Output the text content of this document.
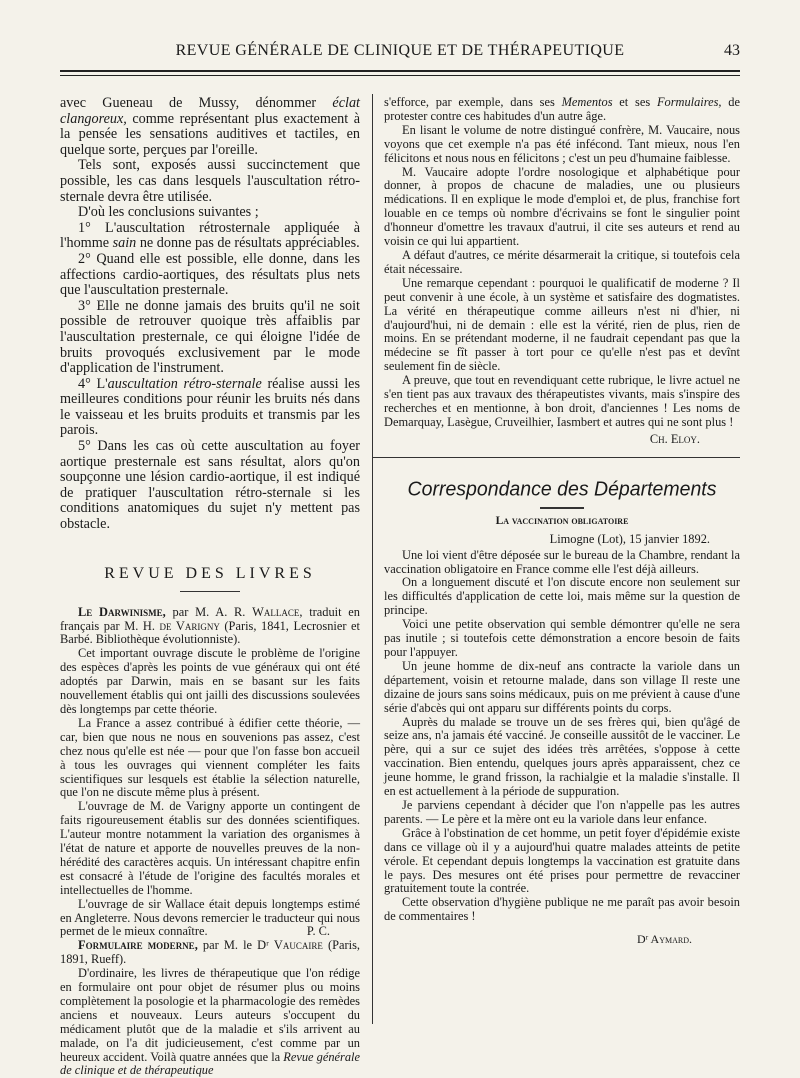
REVUE GÉNÉRALE DE CLINIQUE ET DE THÉRAPEUTIQUE	43

avec Gueneau de Mussy, dénommer éclat clangoreux, comme représentant plus exactement à la pensée les sensations auditives et tactiles, en quelque sorte, perçues par l'oreille.

Tels sont, exposés aussi succinctement que possible, les cas dans lesquels l'auscultation rétro-sternale devra être utilisée.

D'où les conclusions suivantes ;

1° L'auscultation rétrosternale appliquée à l'homme sain ne donne pas de résultats appréciables.

2° Quand elle est possible, elle donne, dans les affections cardio-aortiques, des résultats plus nets que l'auscultation presternale.

3° Elle ne donne jamais des bruits qu'il ne soit possible de retrouver quoique très affaiblis par l'auscultation presternale, ce qui éloigne l'idée de bruits provoqués exclusivement par le mode d'application de l'instrument.

4° L'auscultation rétro-sternale réalise aussi les meilleures conditions pour réunir les bruits nés dans le vaisseau et les bruits produits et transmis par les parois.

5° Dans les cas où cette auscultation au foyer aortique presternale est sans résultat, alors qu'on soupçonne une lésion cardio-aortique, il est indiqué de pratiquer l'auscultation rétro-sternale si les conditions anatomiques du sujet n'y mettent pas obstacle.

REVUE DES LIVRES

Le Darwinisme, par M. A. R. Wallace, traduit en français par M. H. de Varigny (Paris, 1841, Lecrosnier et Barbé. Bibliothèque évolutionniste).

Cet important ouvrage discute le problème de l'origine des espèces d'après les points de vue généraux qui ont été adoptés par Darwin, mais en se basant sur les faits nouvellement établis qui ont jailli des discussions soulevées dès longtemps par cette théorie.

La France a assez contribué à édifier cette théorie, — car, bien que nous ne nous en souvenions pas assez, c'est chez nous qu'elle est née — pour que l'on fasse bon accueil à tous les ouvrages qui viennent compléter les faits scientifiques sur lesquels est établie la sélection naturelle, que l'on ne discute même plus à présent.

L'ouvrage de M. de Varigny apporte un contingent de faits rigoureusement établis sur des données scientifiques. L'auteur montre notamment la variation des organismes à l'état de nature et apporte de nouvelles preuves de la non-hérédité des caractères acquis. Un intéressant chapitre enfin est consacré à l'étude de l'origine des facultés morales et intellectuelles de l'homme.

L'ouvrage de sir Wallace était depuis longtemps estimé en Angleterre. Nous devons remercier le traducteur qui nous permet de le mieux connaître.	P. C.

Formulaire moderne, par M. le Dʳ Vaucaire (Paris, 1891, Rueff).

D'ordinaire, les livres de thérapeutique que l'on rédige en formulaire ont pour objet de résumer plus ou moins complètement la posologie et la pharmacologie des remèdes anciens et nouveaux. Leurs auteurs s'occupent du médicament plutôt que de la maladie et s'ils arrivent au malade, on l'a dit judicieusement, c'est comme par un heureux accident. Voilà quatre années que la Revue générale de clinique et de thérapeutique

s'efforce, par exemple, dans ses Mementos et ses Formulaires, de protester contre ces habitudes d'un autre âge.

En lisant le volume de notre distingué confrère, M. Vaucaire, nous voyons que cet exemple n'a pas été infécond. Tant mieux, nous l'en félicitons et nous nous en félicitons ; c'est un peu d'humaine faiblesse.

M. Vaucaire adopte l'ordre nosologique et alphabétique pour donner, à propos de chacune de maladies, une ou plusieurs médications. Il en explique le mode d'emploi et, de plus, franchise fort louable en ce temps où nombre d'écrivains se font le singulier point d'honneur d'omettre les travaux d'autrui, il cite ses auteurs et rend au voisin ce qui lui appartient.

A défaut d'autres, ce mérite désarmerait la critique, si toutefois cela était nécessaire.

Une remarque cependant : pourquoi le qualificatif de moderne ? Il peut convenir à une école, à un système et satisfaire des dogmatistes. La vérité en thérapeutique comme ailleurs n'est ni d'hier, ni d'aujourd'hui, ni de demain : elle est la vérité, rien de plus, rien de moins. En se prétendant moderne, il ne faudrait cependant pas que la médecine se fît passer à tort pour ce qu'elle n'est pas et devînt seulement fin de siècle.

A preuve, que tout en revendiquant cette rubrique, le livre actuel ne s'en tient pas aux travaux des thérapeutistes vivants, mais s'inspire des recherches et en mentionne, à bon droit, d'anciennes ! Les noms de Demarquay, Lasègue, Cruveilhier, Iasmbert et autres qui ne sont plus !

Ch. Eloy.

Correspondance des Départements
La vaccination obligatoire

Limogne (Lot), 15 janvier 1892.

Une loi vient d'être déposée sur le bureau de la Chambre, rendant la vaccination obligatoire en France comme elle l'est déjà ailleurs.

On a longuement discuté et l'on discute encore non seulement sur les difficultés d'application de cette loi, mais même sur la question de principe.

Voici une petite observation qui semble démontrer qu'elle ne sera pas inutile ; si toutefois cette démonstration a encore besoin de faits pour l'appuyer.

Un jeune homme de dix-neuf ans contracte la variole dans un département, voisin et retourne malade, dans son village Il reste une dizaine de jours sans soins médicaux, puis on me prévient à cause d'une série d'abcès qui ont apparu sur différents points du corps.

Auprès du malade se trouve un de ses frères qui, bien qu'âgé de seize ans, n'a jamais été vacciné. Je conseille aussitôt de le vacciner. Le père, qui a sur ce sujet des idées très arrêtées, s'oppose à cette vaccination. Bien entendu, quelques jours après apparaissent, chez ce jeune homme, le grand frisson, la rachialgie et la maladie s'installe. Il en est actuellement à la période de suppuration.

Je parviens cependant à décider que l'on n'appelle pas les autres parents. — Le père et la mère ont eu la variole dans leur enfance.

Grâce à l'obstination de cet homme, un petit foyer d'épidémie existe dans ce village où il y a aujourd'hui quatre malades atteints de petite vérole. Et cependant depuis longtemps la vaccination est gratuite dans le pays. Des mesures ont été prises pour permettre de revacciner gratuitement toute la contrée.

Cette observation d'hygiène publique ne me paraît pas avoir besoin de commentaires !

Dʳ Aymard.
